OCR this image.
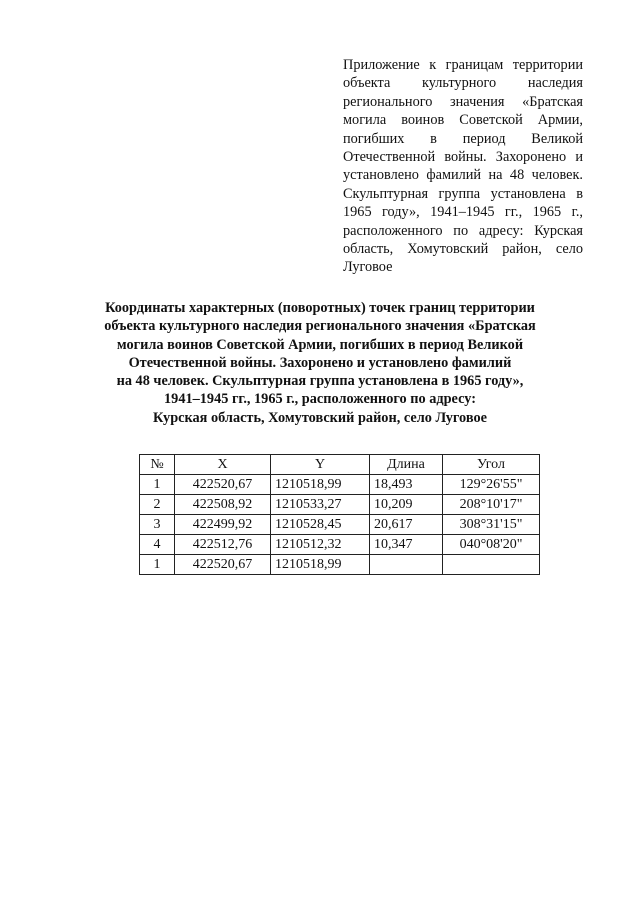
Приложение к границам территории объекта культурного наследия регионального значения «Братская могила воинов Советской Армии, погибших в период Великой Отечественной войны. Захоронено и установлено фамилий на 48 человек. Скульптурная группа установлена в 1965 году», 1941–1945 гг., 1965 г., расположенного по адресу: Курская область, Хомутовский район, село Луговое

Координаты характерных (поворотных) точек границ территории
объекта культурного наследия регионального значения «Братская
могила воинов Советской Армии, погибших в период Великой
Отечественной войны. Захоронено и установлено фамилий
на 48 человек. Скульптурная группа установлена в 1965 году»,
1941–1945 гг., 1965 г., расположенного по адресу:
Курская область, Хомутовский район, село Луговое
№	X	Y	Длина	Угол
1	422520,67	1210518,99	18,493	129°26'55"
2	422508,92	1210533,27	10,209	208°10'17"
3	422499,92	1210528,45	20,617	308°31'15"
4	422512,76	1210512,32	10,347	040°08'20"
1	422520,67	1210518,99		
